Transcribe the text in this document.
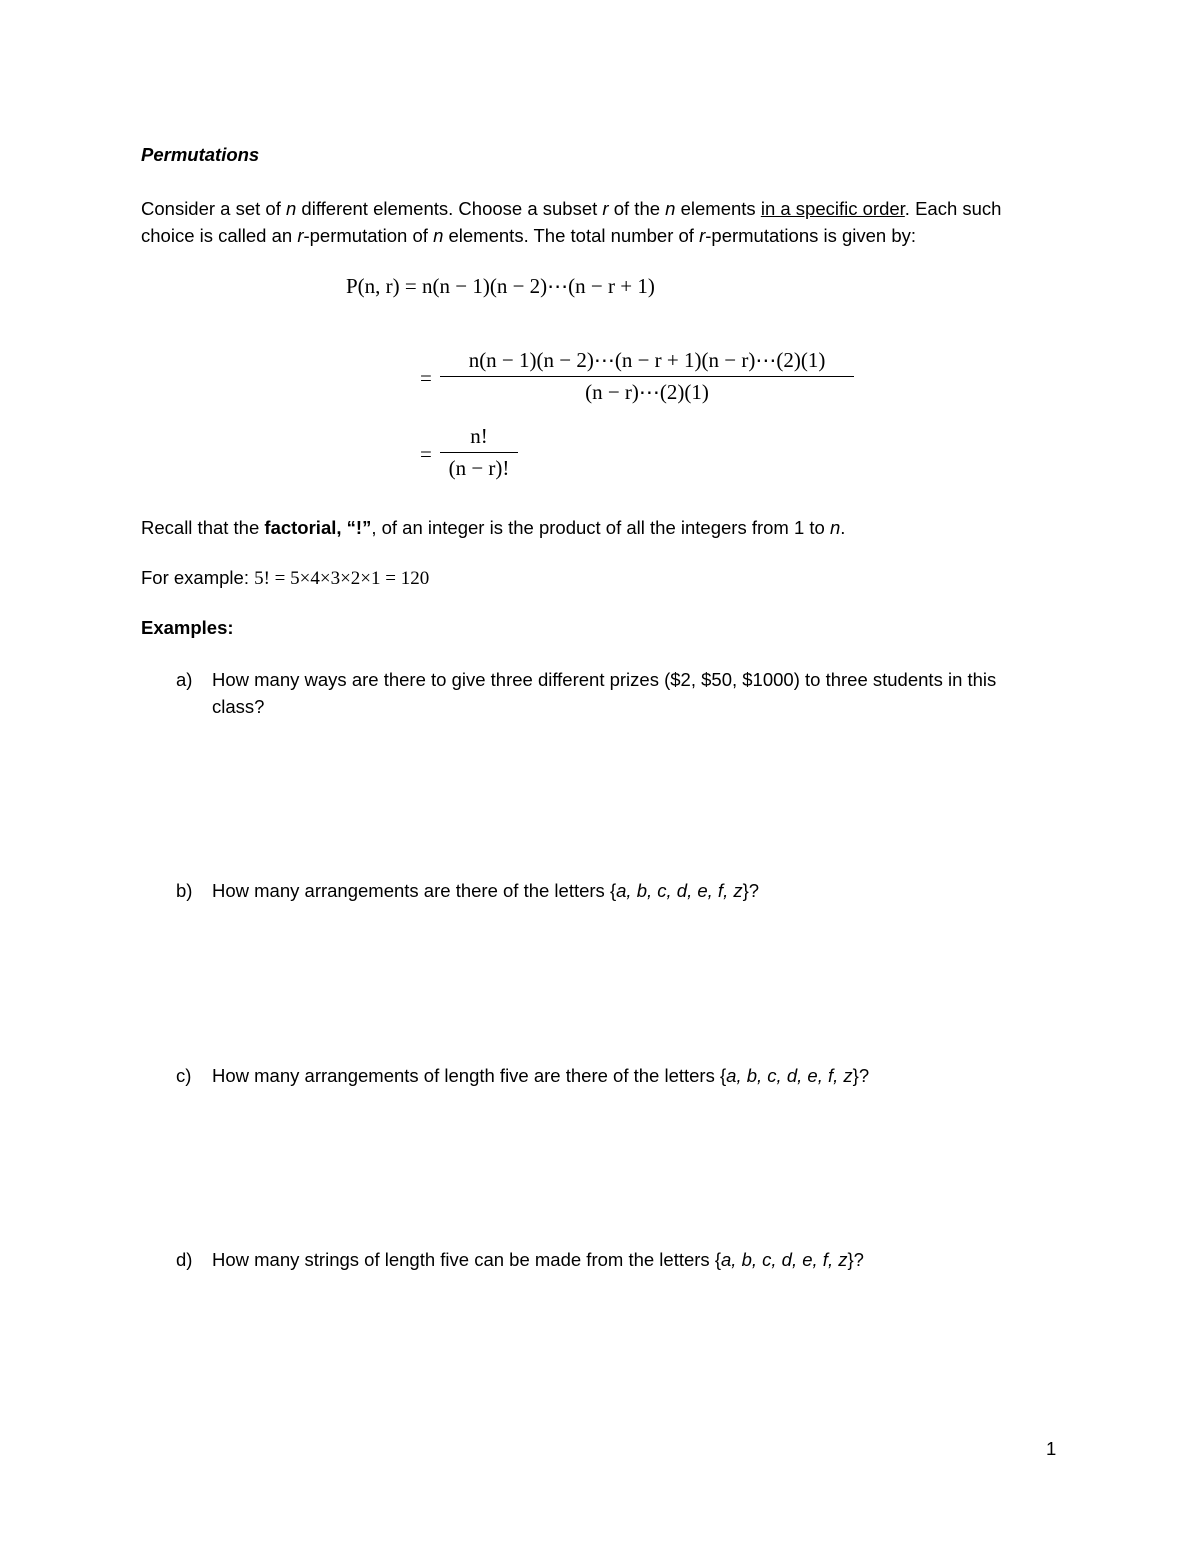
Permutations
Consider a set of n different elements. Choose a subset r of the n elements in a specific order. Each such
choice is called an r-permutation of n elements. The total number of r-permutations is given by:
P(n, r) = n(n − 1)(n − 2)⋯(n − r + 1)
=
n(n − 1)(n − 2)⋯(n − r + 1)(n − r)⋯(2)(1)
(n − r)⋯(2)(1)
=
n!
(n − r)!
Recall that the factorial, “!”, of an integer is the product of all the integers from 1 to n.
For example: 5! = 5×4×3×2×1 = 120
Examples:
a) How many ways are there to give three different prizes ($2, $50, $1000) to three students in this
class?
b) How many arrangements are there of the letters {a, b, c, d, e, f, z}?
c) How many arrangements of length five are there of the letters {a, b, c, d, e, f, z}?
d) How many strings of length five can be made from the letters {a, b, c, d, e, f, z}?
1
